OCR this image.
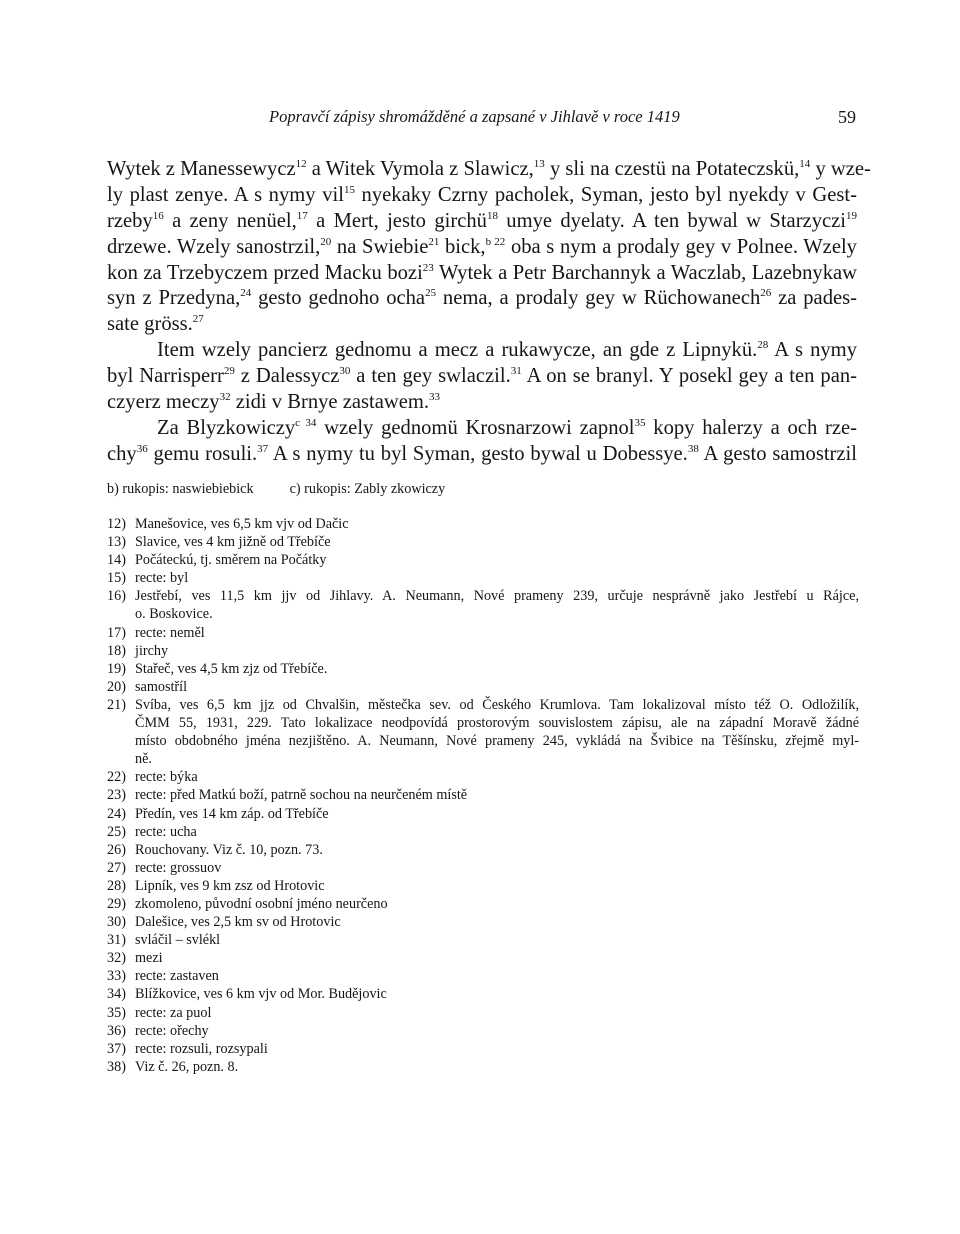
Popravčí zápisy shromážděné a zapsané v Jihlavě v roce 1419	59
Wytek z Manessewycz$^{12}$ a Witek Vymola z Slawicz,$^{13}$ y sli na czestü na Potateczskü,$^{14}$ y wze-
ly plast zenye. A s nymy vil$^{15}$ nyekaky Czrny pacholek, Syman, jesto byl nyekdy v Gest-
rzeby$^{16}$ a zeny nenüel,$^{17}$ a Mert, jesto girchü$^{18}$ umye dyelaty. A ten bywal w Starzyczi$^{19}$
drzewe. Wzely sanostrzil,$^{20}$ na Swiebie$^{21}$ bick,$^{b 22}$ oba s nym a prodaly gey v Polnee. Wzely
kon za Trzebyczem przed Macku bozi$^{23}$ Wytek a Petr Barchannyk a Waczlab, Lazebnykaw
syn z Przedyna,$^{24}$ gesto gednoho ocha$^{25}$ nema, a prodaly gey w Rüchowanech$^{26}$ za pades-
sate gröss.$^{27}$
Item wzely pancierz gednomu a mecz a rukawycze, an gde z Lipnykü.$^{28}$ A s nymy
byl Narrisperr$^{29}$ z Dalessycz$^{30}$ a ten gey swlaczil.$^{31}$ A on se branyl. Y posekl gey a ten pan-
czyerz meczy$^{32}$ zidi v Brnye zastawem.$^{33}$
Za Blyzkowiczy$^{c 34}$ wzely gednomü Krosnarzowi zapnol$^{35}$ kopy halerzy a och rze-
chy$^{36}$ gemu rosuli.$^{37}$ A s nymy tu byl Syman, gesto bywal u Dobessye.$^{38}$ A gesto samostrzil
b) rukopis: naswiebiebick	c) rukopis: Zably zkowiczy
12) Manešovice, ves 6,5 km vjv od Dačic
13) Slavice, ves 4 km jižně od Třebíče
14) Počáteckú, tj. směrem na Počátky
15) recte: byl
16) Jestřebí, ves 11,5 km jjv od Jihlavy. A. Neumann, Nové prameny 239, určuje nesprávně jako Jestřebí u Rájce,
o. Boskovice.
17) recte: neměl
18) jirchy
19) Stařeč, ves 4,5 km zjz od Třebíče.
20) samostříl
21) Svíba, ves 6,5 km jjz od Chvalšin, městečka sev. od Českého Krumlova. Tam lokalizoval místo též O. Odložilík,
ČMM 55, 1931, 229. Tato lokalizace neodpovídá prostorovým souvislostem zápisu, ale na západní Moravě žádné
místo obdobného jména nezjištěno. A. Neumann, Nové prameny 245, vykládá na Švibice na Těšínsku, zřejmě myl-
ně.
22) recte: býka
23) recte: před Matkú boží, patrně sochou na neurčeném místě
24) Předín, ves 14 km záp. od Třebíče
25) recte: ucha
26) Rouchovany. Viz č. 10, pozn. 73.
27) recte: grossuov
28) Lipník, ves 9 km zsz od Hrotovic
29) zkomoleno, původní osobní jméno neurčeno
30) Dalešice, ves 2,5 km sv od Hrotovic
31) svláčil – svlékl
32) mezi
33) recte: zastaven
34) Blížkovice, ves 6 km vjv od Mor. Budějovic
35) recte: za puol
36) recte: ořechy
37) recte: rozsuli, rozsypali
38) Viz č. 26, pozn. 8.
